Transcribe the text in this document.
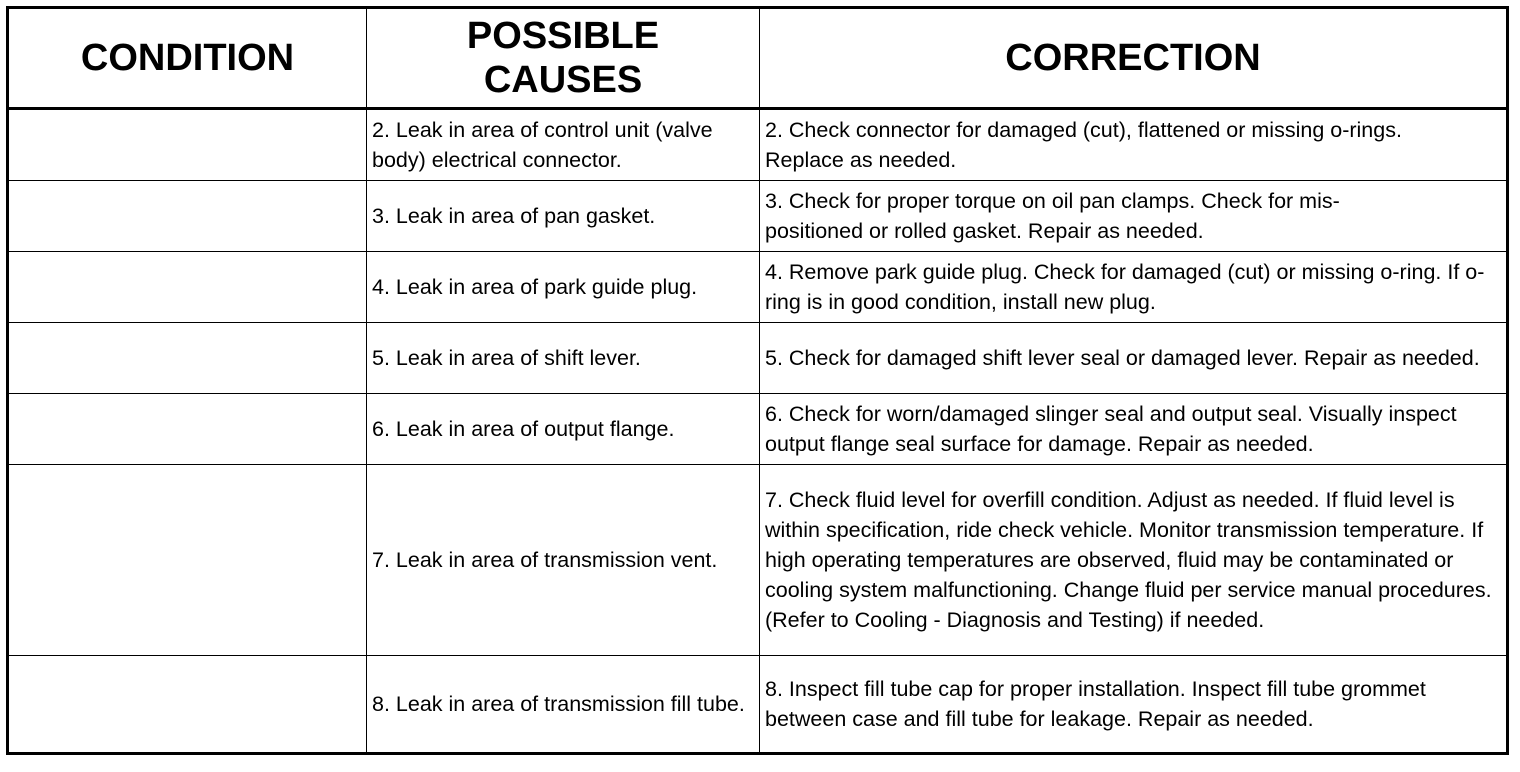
CONDITION	POSSIBLE CAUSES	CORRECTION
	2. Leak in area of control unit (valve body) electrical connector.	2. Check connector for damaged (cut), flattened or missing o-rings. Replace as needed.
	3. Leak in area of pan gasket.	3. Check for proper torque on oil pan clamps. Check for mis-positioned or rolled gasket. Repair as needed.
	4. Leak in area of park guide plug.	4. Remove park guide plug. Check for damaged (cut) or missing o-ring. If o-ring is in good condition, install new plug.
	5. Leak in area of shift lever.	5. Check for damaged shift lever seal or damaged lever. Repair as needed.
	6. Leak in area of output flange.	6. Check for worn/damaged slinger seal and output seal. Visually inspect output flange seal surface for damage. Repair as needed.
	7. Leak in area of transmission vent.	7. Check fluid level for overfill condition. Adjust as needed. If fluid level is within specification, ride check vehicle. Monitor transmission temperature. If high operating temperatures are observed, fluid may be contaminated or cooling system malfunctioning. Change fluid per service manual procedures. (Refer to Cooling - Diagnosis and Testing) if needed.
	8. Leak in area of transmission fill tube.	8. Inspect fill tube cap for proper installation. Inspect fill tube grommet between case and fill tube for leakage. Repair as needed.
